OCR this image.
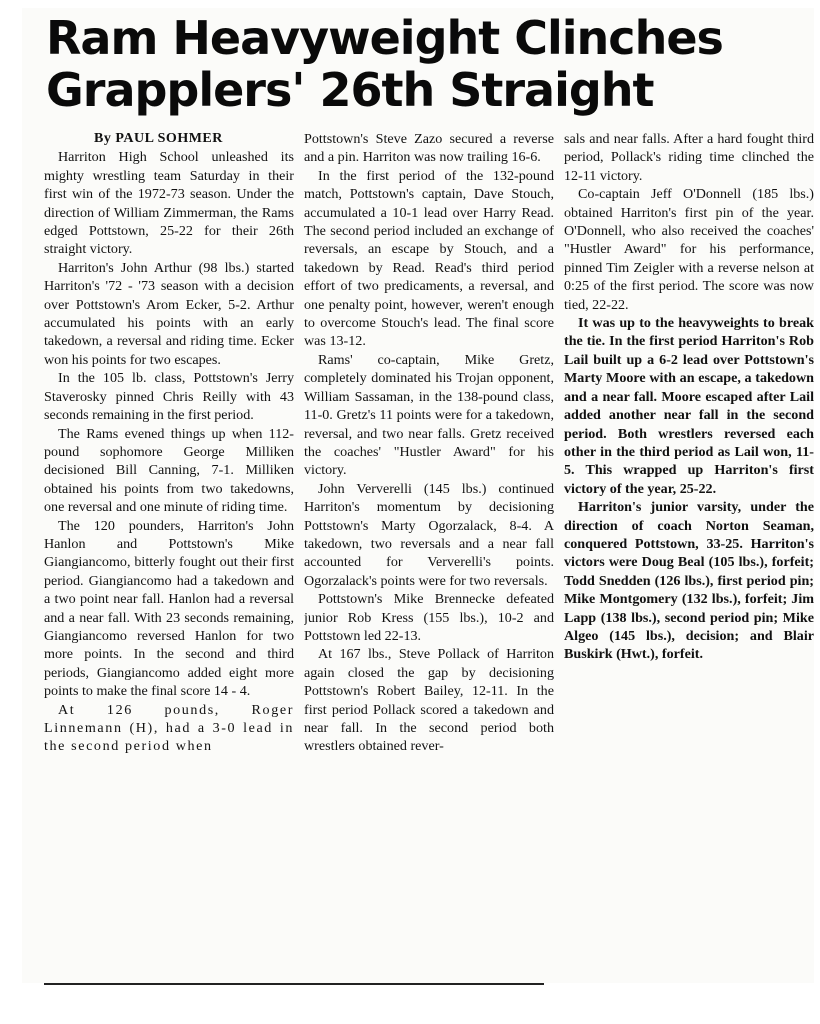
Ram Heavyweight Clinches
Grapplers' 26th Straight

By PAUL SOHMER

Harriton High School unleashed its mighty wrestling team Saturday in their first win of the 1972-73 season. Under the direction of William Zimmerman, the Rams edged Pottstown, 25-22 for their 26th straight victory.

Harriton's John Arthur (98 lbs.) started Harriton's '72 - '73 season with a decision over Pottstown's Arom Ecker, 5-2. Arthur accumulated his points with an early takedown, a reversal and riding time. Ecker won his points for two escapes.

In the 105 lb. class, Pottstown's Jerry Staverosky pinned Chris Reilly with 43 seconds remaining in the first period.

The Rams evened things up when 112-pound sophomore George Milliken decisioned Bill Canning, 7-1. Milliken obtained his points from two takedowns, one reversal and one minute of riding time.

The 120 pounders, Harriton's John Hanlon and Pottstown's Mike Giangiancomo, bitterly fought out their first period. Giangiancomo had a takedown and a two point near fall. Hanlon had a reversal and a near fall. With 23 seconds remaining, Giangiancomo reversed Hanlon for two more points. In the second and third periods, Giangiancomo added eight more points to make the final score 14 - 4.

At 126 pounds, Roger Linnemann (H), had a 3-0 lead in the second period when

Pottstown's Steve Zazo secured a reverse and a pin. Harriton was now trailing 16-6.

In the first period of the 132-pound match, Pottstown's captain, Dave Stouch, accumulated a 10-1 lead over Harry Read. The second period included an exchange of reversals, an escape by Stouch, and a takedown by Read. Read's third period effort of two predicaments, a reversal, and one penalty point, however, weren't enough to overcome Stouch's lead. The final score was 13-12.

Rams' co-captain, Mike Gretz, completely dominated his Trojan opponent, William Sassaman, in the 138-pound class, 11-0. Gretz's 11 points were for a takedown, reversal, and two near falls. Gretz received the coaches' "Hustler Award" for his victory.

John Ververelli (145 lbs.) continued Harriton's momentum by decisioning Pottstown's Marty Ogorzalack, 8-4. A takedown, two reversals and a near fall accounted for Ververelli's points. Ogorzalack's points were for two reversals.

Pottstown's Mike Brennecke defeated junior Rob Kress (155 lbs.), 10-2 and Pottstown led 22-13.

At 167 lbs., Steve Pollack of Harriton again closed the gap by decisioning Pottstown's Robert Bailey, 12-11. In the first period Pollack scored a takedown and near fall. In the second period both wrestlers obtained rever-

sals and near falls. After a hard fought third period, Pollack's riding time clinched the 12-11 victory.

Co-captain Jeff O'Donnell (185 lbs.) obtained Harriton's first pin of the year. O'Donnell, who also received the coaches' "Hustler Award" for his performance, pinned Tim Zeigler with a reverse nelson at 0:25 of the first period. The score was now tied, 22-22.

It was up to the heavyweights to break the tie. In the first period Harriton's Rob Lail built up a 6-2 lead over Pottstown's Marty Moore with an escape, a takedown and a near fall. Moore escaped after Lail added another near fall in the second period. Both wrestlers reversed each other in the third period as Lail won, 11-5. This wrapped up Harriton's first victory of the year, 25-22.

Harriton's junior varsity, under the direction of coach Norton Seaman, conquered Pottstown, 33-25. Harriton's victors were Doug Beal (105 lbs.), forfeit; Todd Snedden (126 lbs.), first period pin; Mike Montgomery (132 lbs.), forfeit; Jim Lapp (138 lbs.), second period pin; Mike Algeo (145 lbs.), decision; and Blair Buskirk (Hwt.), forfeit.
